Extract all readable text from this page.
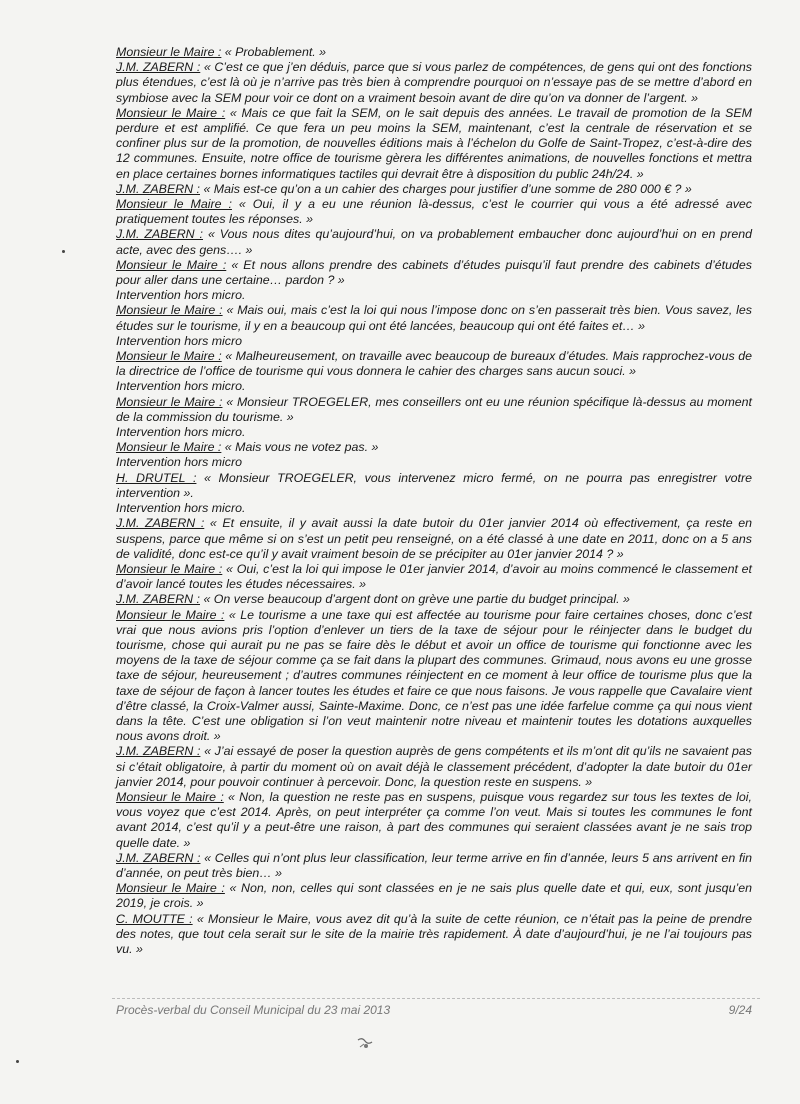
Monsieur le Maire : « Probablement. »

J.M. ZABERN : « C’est ce que j’en déduis, parce que si vous parlez de compétences, de gens qui ont des fonctions plus étendues, c’est là où je n’arrive pas très bien à comprendre pourquoi on n’essaye pas de se mettre d’abord en symbiose avec la SEM pour voir ce dont on a vraiment besoin avant de dire qu’on va donner de l’argent. »

Monsieur le Maire : « Mais ce que fait la SEM, on le sait depuis des années. Le travail de promotion de la SEM perdure et est amplifié. Ce que fera un peu moins la SEM, maintenant, c’est la centrale de réservation et se confiner plus sur de la promotion, de nouvelles éditions mais à l’échelon du Golfe de Saint-Tropez, c’est-à-dire des 12 communes. Ensuite, notre office de tourisme gèrera les différentes animations, de nouvelles fonctions et mettra en place certaines bornes informatiques tactiles qui devrait être à disposition du public 24h/24. »

J.M. ZABERN : « Mais est-ce qu’on a un cahier des charges pour justifier d’une somme de 280 000 € ? »

Monsieur le Maire : « Oui, il y a eu une réunion là-dessus, c’est le courrier qui vous a été adressé avec pratiquement toutes les réponses. »

J.M. ZABERN : « Vous nous dites qu’aujourd’hui, on va probablement embaucher donc aujourd’hui on en prend acte, avec des gens…. »

Monsieur le Maire : « Et nous allons prendre des cabinets d’études puisqu’il faut prendre des cabinets d’études pour aller dans une certaine… pardon ? »

Intervention hors micro.

Monsieur le Maire : « Mais oui, mais c’est la loi qui nous l’impose donc on s’en passerait très bien. Vous savez, les études sur le tourisme, il y en a beaucoup qui ont été lancées, beaucoup qui ont été faites et… »

Intervention hors micro

Monsieur le Maire : « Malheureusement, on travaille avec beaucoup de bureaux d’études. Mais rapprochez-vous de la directrice de l’office de tourisme qui vous donnera le cahier des charges sans aucun souci. »

Intervention hors micro.

Monsieur le Maire : « Monsieur TROEGELER, mes conseillers ont eu une réunion spécifique là-dessus au moment de la commission du tourisme. »

Intervention hors micro.

Monsieur le Maire : « Mais vous ne votez pas. »

Intervention hors micro

H. DRUTEL : « Monsieur TROEGELER, vous intervenez micro fermé, on ne pourra pas enregistrer votre intervention ».

Intervention hors micro.

J.M. ZABERN : « Et ensuite, il y avait aussi la date butoir du 01er janvier 2014 où effectivement, ça reste en suspens, parce que même si on s’est un petit peu renseigné, on a été classé à une date en 2011, donc on a 5 ans de validité, donc est-ce qu’il y avait vraiment besoin de se précipiter au 01er janvier 2014 ? »

Monsieur le Maire : « Oui, c’est la loi qui impose le 01er janvier 2014, d’avoir au moins commencé le classement et d’avoir lancé toutes les études nécessaires. »

J.M. ZABERN : « On verse beaucoup d’argent dont on grève une partie du budget principal. »

Monsieur le Maire : « Le tourisme a une taxe qui est affectée au tourisme pour faire certaines choses, donc c’est vrai que nous avions pris l’option d’enlever un tiers de la taxe de séjour pour le réinjecter dans le budget du tourisme, chose qui aurait pu ne pas se faire dès le début et avoir un office de tourisme qui fonctionne avec les moyens de la taxe de séjour comme ça se fait dans la plupart des communes. Grimaud, nous avons eu une grosse taxe de séjour, heureusement ; d’autres communes réinjectent en ce moment à leur office de tourisme plus que la taxe de séjour de façon à lancer toutes les études et faire ce que nous faisons. Je vous rappelle que Cavalaire vient d’être classé, la Croix-Valmer aussi, Sainte-Maxime. Donc, ce n’est pas une idée farfelue comme ça qui nous vient dans la tête. C’est une obligation si l’on veut maintenir notre niveau et maintenir toutes les dotations auxquelles nous avons droit. »

J.M. ZABERN : « J’ai essayé de poser la question auprès de gens compétents et ils m’ont dit qu’ils ne savaient pas si c’était obligatoire, à partir du moment où on avait déjà le classement précédent, d’adopter la date butoir du 01er janvier 2014, pour pouvoir continuer à percevoir. Donc, la question reste en suspens. »

Monsieur le Maire : « Non, la question ne reste pas en suspens, puisque vous regardez sur tous les textes de loi, vous voyez que c’est 2014. Après, on peut interpréter ça comme l’on veut. Mais si toutes les communes le font avant 2014, c’est qu’il y a peut-être une raison, à part des communes qui seraient classées avant je ne sais trop quelle date. »

J.M. ZABERN : « Celles qui n’ont plus leur classification, leur terme arrive en fin d’année, leurs 5 ans arrivent en fin d’année, on peut très bien… »

Monsieur le Maire : « Non, non, celles qui sont classées en je ne sais plus quelle date et qui, eux, sont jusqu’en 2019, je crois. »

C. MOUTTE : « Monsieur le Maire, vous avez dit qu’à la suite de cette réunion, ce n’était pas la peine de prendre des notes, que tout cela serait sur le site de la mairie très rapidement. À date d’aujourd’hui, je ne l’ai toujours pas vu. »

Procès-verbal du Conseil Municipal du 23 mai 2013	9/24
